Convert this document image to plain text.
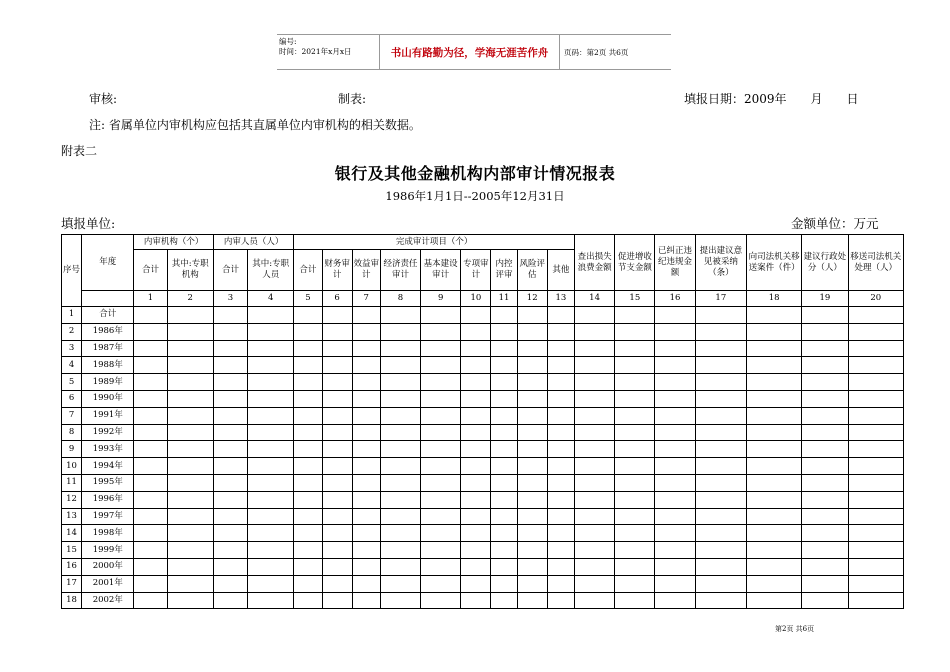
编号:
时间：2021年x月x日	书山有路勤为径，学海无涯苦作舟	页码：第2页 共6页
审核:	制表:	填报日期：2009年　　月　　日
注: 省属单位内审机构应包括其直属单位内审机构的相关数据。
附表二
银行及其他金融机构内部审计情况报表
1986年1月1日--2005年12月31日
填报单位:	金额单位：万元
序号	年度	内审机构（个）		内审人员（人）		完成审计项目（个）									查出损失浪费金额	促进增收节支金额	已纠正违纪违规金额	提出建议意见被采纳（条）	向司法机关移送案件（件）	建议行政处分（人）	移送司法机关处理（人）
		合计	其中:专职机构	合计	其中:专职人员	合计	财务审计	效益审计	经济责任审计	基本建设审计	专项审计	内控评审	风险评估	其他							
		1	2	3	4	5	6	7	8	9	10	11	12	13	14	15	16	17	18	19	20
1	合计																				
2	1986年																				
3	1987年																				
4	1988年																				
5	1989年																				
6	1990年																				
7	1991年																				
8	1992年																				
9	1993年																				
10	1994年																				
11	1995年																				
12	1996年																				
13	1997年																				
14	1998年																				
15	1999年																				
16	2000年																				
17	2001年																				
18	2002年																				
第2页 共6页
